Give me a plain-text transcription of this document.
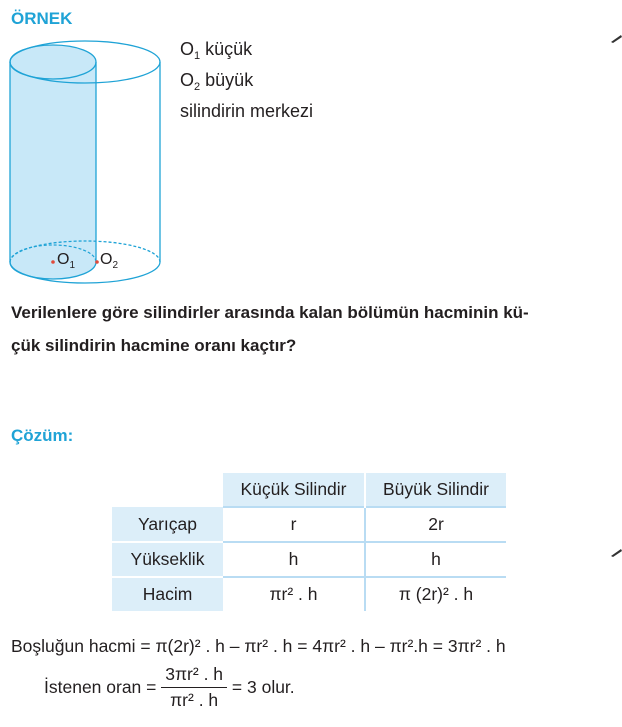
ÖRNEK
$O_1$ $O_2$
$O_1$ küçük
$O_2$ büyük
silindirin merkezi
Verilenlere göre silindirler arasında kalan bölümün hacminin kü-
çük silindirin hacmine oranı kaçtır?
Çözüm:
	Küçük Silindir	Büyük Silindir
Yarıçap	r	2r
Yükseklik	h	h
Hacim	πr² . h	π (2r)² . h
Boşluğun hacmi = π(2r)² . h – πr² . h = 4πr² . h – πr².h = 3πr² . h
İstenen oran = $\frac{\text{3πr² . h}}{\text{πr² . h}} = 3$ olur.
